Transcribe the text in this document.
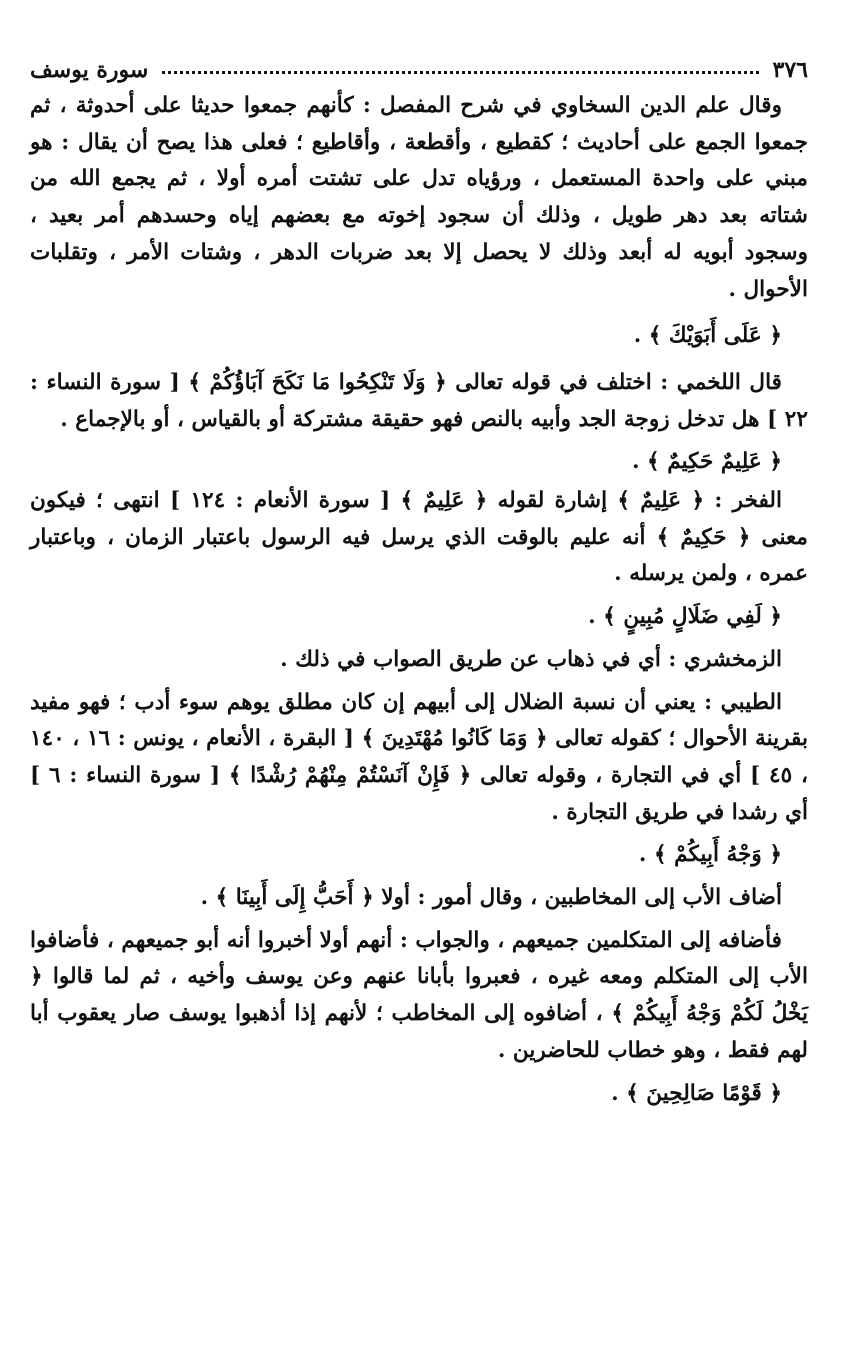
٣٧٦
سورة يوسف

وقال علم الدين السخاوي في شرح المفصل : كأنهم جمعوا حديثا على أحدوثة ، ثم جمعوا الجمع على أحاديث ؛ كقطيع ، وأقطعة ، وأقاطيع ؛ فعلى هذا يصح أن يقال : هو مبني على واحدة المستعمل ، ورؤياه تدل على تشتت أمره أولا ، ثم يجمع الله من شتاته بعد دهر طويل ، وذلك أن سجود إخوته مع بعضهم إياه وحسدهم أمر بعيد ، وسجود أبويه له أبعد وذلك لا يحصل إلا بعد ضربات الدهر ، وشتات الأمر ، وتقلبات الأحوال .

﴿ عَلَى أَبَوَيْكَ ﴾ .

قال اللخمي : اختلف في قوله تعالى ﴿ وَلَا تَنْكِحُوا مَا نَكَحَ آبَاؤُكُمْ ﴾ [ سورة النساء : ٢٢ ] هل تدخل زوجة الجد وأبيه بالنص فهو حقيقة مشتركة أو بالقياس ، أو بالإجماع .

﴿ عَلِيمٌ حَكِيمٌ ﴾ .

الفخر : ﴿ عَلِيمٌ ﴾ إشارة لقوله ﴿ عَلِيمٌ ﴾ [ سورة الأنعام : ١٢٤ ] انتهى ؛ فيكون معنى ﴿ حَكِيمٌ ﴾ أنه عليم بالوقت الذي يرسل فيه الرسول باعتبار الزمان ، وباعتبار عمره ، ولمن يرسله .

﴿ لَفِي ضَلَالٍ مُبِينٍ ﴾ .

الزمخشري : أي في ذهاب عن طريق الصواب في ذلك .

الطيبي : يعني أن نسبة الضلال إلى أبيهم إن كان مطلق يوهم سوء أدب ؛ فهو مفيد بقرينة الأحوال ؛ كقوله تعالى ﴿ وَمَا كَانُوا مُهْتَدِينَ ﴾ [ البقرة ، الأنعام ، يونس : ١٦ ، ١٤٠ ، ٤٥ ] أي في التجارة ، وقوله تعالى ﴿ فَإِنْ آنَسْتُمْ مِنْهُمْ رُشْدًا ﴾ [ سورة النساء : ٦ ] أي رشدا في طريق التجارة .

﴿ وَجْهُ أَبِيكُمْ ﴾ .

أضاف الأب إلى المخاطبين ، وقال أمور : أولا ﴿ أَحَبُّ إِلَى أَبِينَا ﴾ .

فأضافه إلى المتكلمين جميعهم ، والجواب : أنهم أولا أخبروا أنه أبو جميعهم ، فأضافوا الأب إلى المتكلم ومعه غيره ، فعبروا بأبانا عنهم وعن يوسف وأخيه ، ثم لما قالوا ﴿ يَخْلُ لَكُمْ وَجْهُ أَبِيكُمْ ﴾ ، أضافوه إلى المخاطب ؛ لأنهم إذا أذهبوا يوسف صار يعقوب أبا لهم فقط ، وهو خطاب للحاضرين .

﴿ قَوْمًا صَالِحِينَ ﴾ .
